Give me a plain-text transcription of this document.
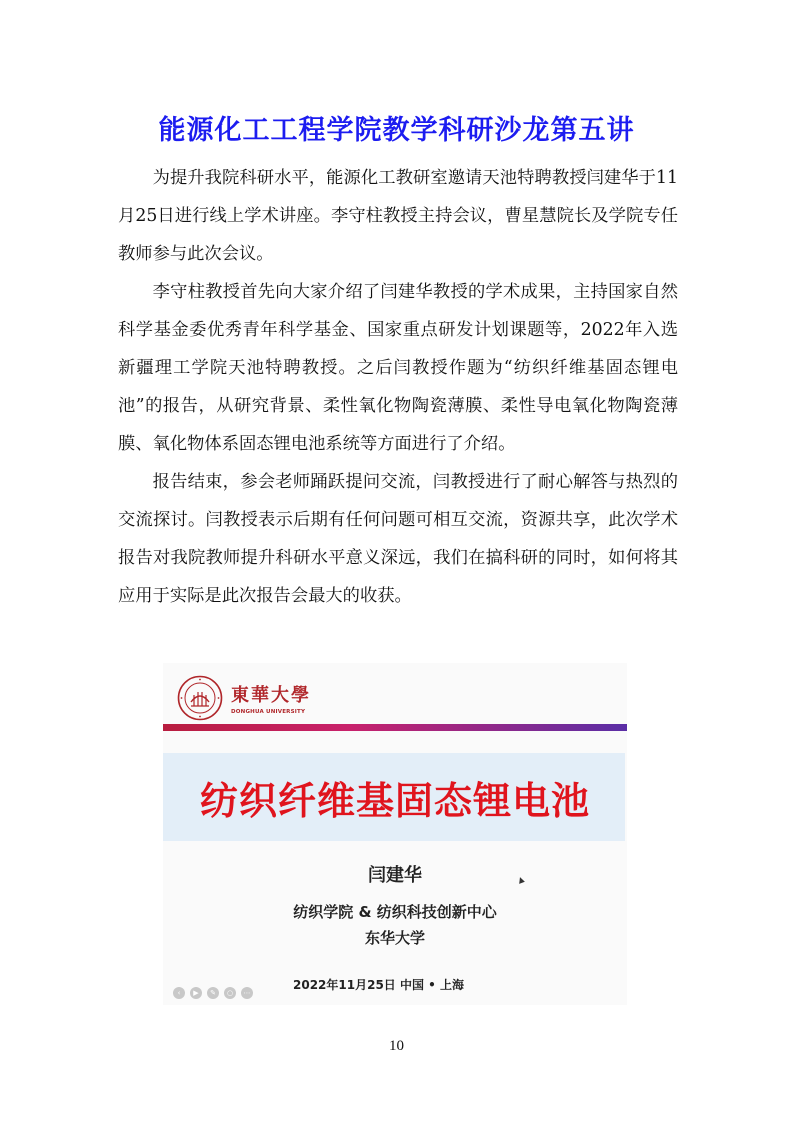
能源化工工程学院教学科研沙龙第五讲

为提升我院科研水平，能源化工教研室邀请天池特聘教授闫建华于11月25日进行线上学术讲座。李守柱教授主持会议，曹星慧院长及学院专任教师参与此次会议。

李守柱教授首先向大家介绍了闫建华教授的学术成果，主持国家自然科学基金委优秀青年科学基金、国家重点研发计划课题等，2022年入选新疆理工学院天池特聘教授。之后闫教授作题为“纺织纤维基固态锂电池”的报告，从研究背景、柔性氧化物陶瓷薄膜、柔性导电氧化物陶瓷薄膜、氧化物体系固态锂电池系统等方面进行了介绍。

报告结束，参会老师踊跃提问交流，闫教授进行了耐心解答与热烈的交流探讨。闫教授表示后期有任何问题可相互交流，资源共享，此次学术报告对我院教师提升科研水平意义深远，我们在搞科研的同时，如何将其应用于实际是此次报告会最大的收获。

東華大學
DONGHUA UNIVERSITY
纺织纤维基固态锂电池
闫建华
纺织学院 & 纺织科技创新中心
东华大学
2022年11月25日 中国 • 上海
‹	▶	✎	○	⋯
10
